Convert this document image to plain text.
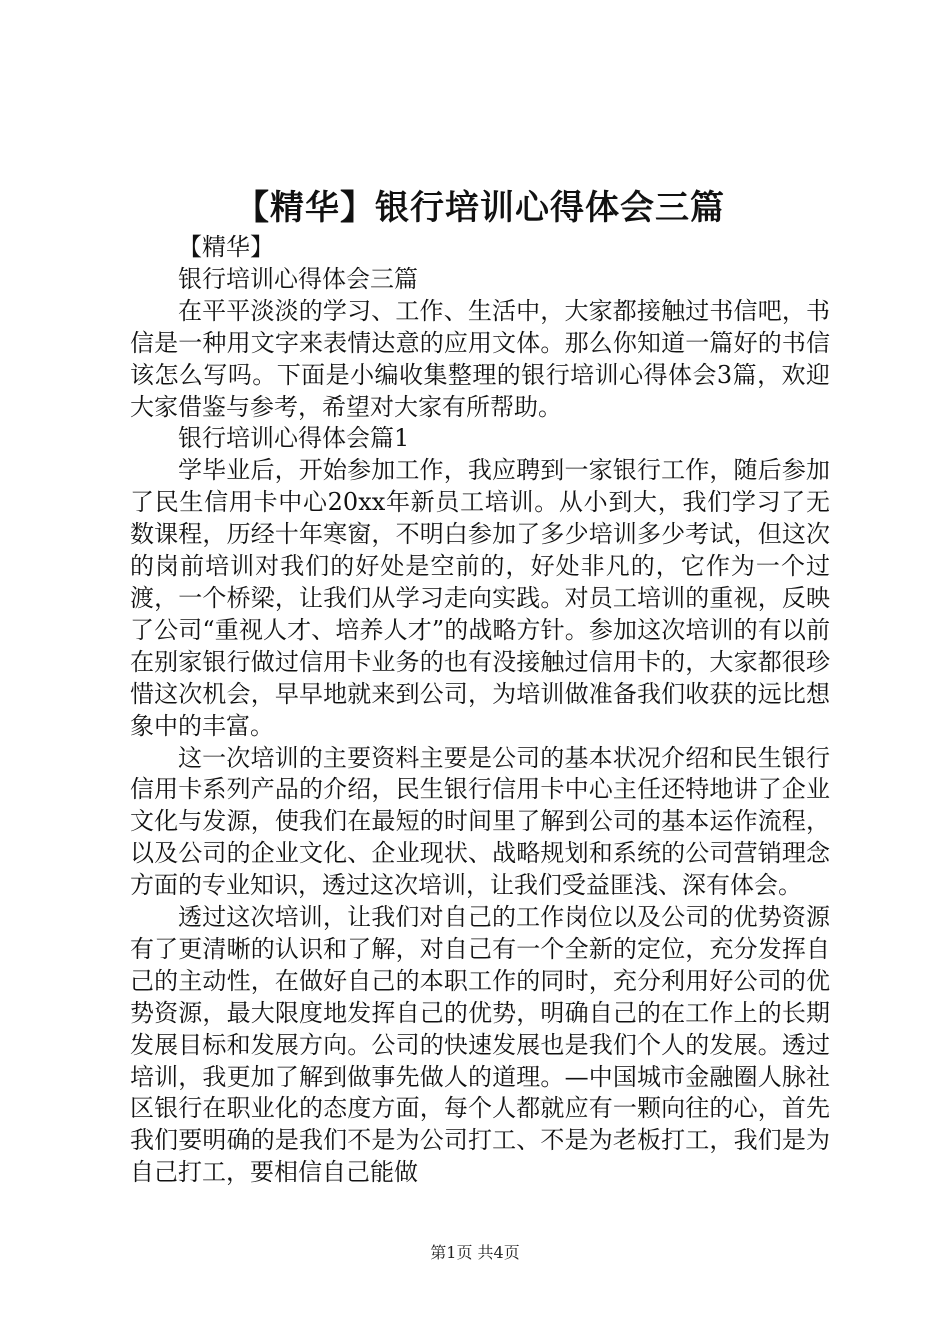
【精华】银行培训心得体会三篇

【精华】

银行培训心得体会三篇

在平平淡淡的学习、工作、生活中，大家都接触过书信吧，书信是一种用文字来表情达意的应用文体。那么你知道一篇好的书信该怎么写吗。下面是小编收集整理的银行培训心得体会3篇，欢迎大家借鉴与参考，希望对大家有所帮助。

银行培训心得体会篇1

学毕业后，开始参加工作，我应聘到一家银行工作，随后参加了民生信用卡中心20xx年新员工培训。从小到大，我们学习了无数课程，历经十年寒窗，不明白参加了多少培训多少考试，但这次的岗前培训对我们的好处是空前的，好处非凡的，它作为一个过渡，一个桥梁，让我们从学习走向实践。对员工培训的重视，反映了公司“重视人才、培养人才”的战略方针。参加这次培训的有以前在别家银行做过信用卡业务的也有没接触过信用卡的，大家都很珍惜这次机会，早早地就来到公司，为培训做准备我们收获的远比想象中的丰富。

这一次培训的主要资料主要是公司的基本状况介绍和民生银行信用卡系列产品的介绍，民生银行信用卡中心主任还特地讲了企业文化与发源，使我们在最短的时间里了解到公司的基本运作流程，以及公司的企业文化、企业现状、战略规划和系统的公司营销理念方面的专业知识，透过这次培训，让我们受益匪浅、深有体会。

透过这次培训，让我们对自己的工作岗位以及公司的优势资源有了更清晰的认识和了解，对自己有一个全新的定位，充分发挥自己的主动性，在做好自己的本职工作的同时，充分利用好公司的优势资源，最大限度地发挥自己的优势，明确自己的在工作上的长期发展目标和发展方向。公司的快速发展也是我们个人的发展。透过培训，我更加了解到做事先做人的道理。—中国城市金融圈人脉社区银行在职业化的态度方面，每个人都就应有一颗向往的心，首先我们要明确的是我们不是为公司打工、不是为老板打工，我们是为自己打工，要相信自己能做

第1页 共4页
